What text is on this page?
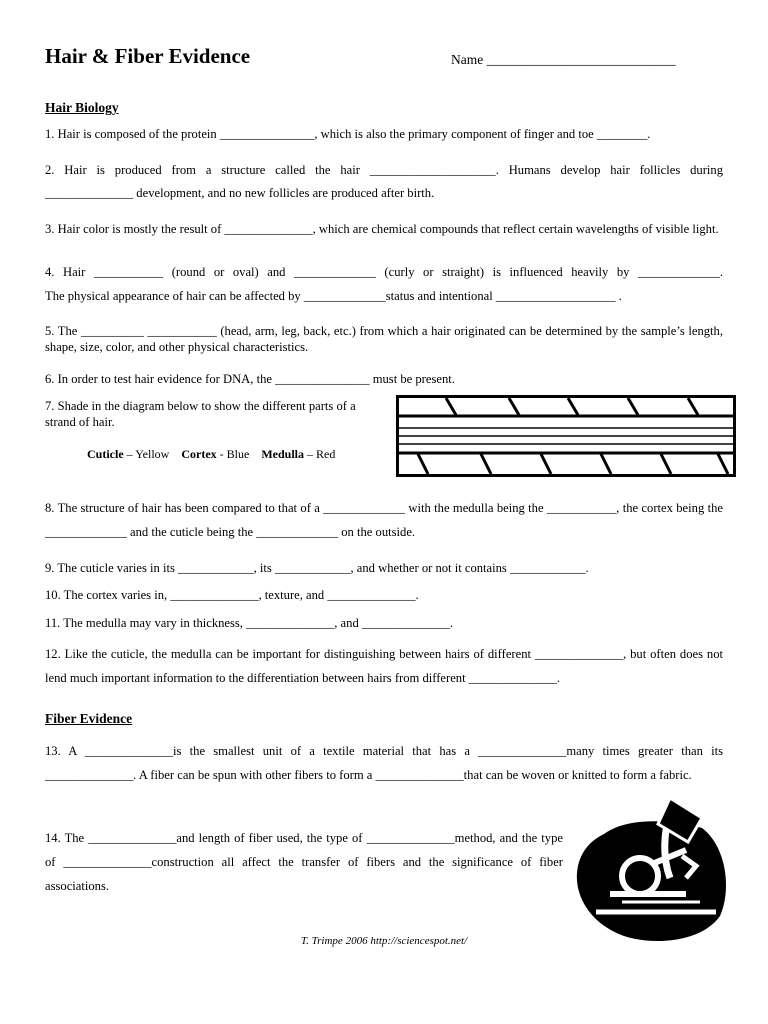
Hair & Fiber Evidence	Name ____________________________
Hair Biology
1. Hair is composed of the protein _______________, which is also the primary component of finger and toe ________.
2. Hair is produced from a structure called the hair ____________________. Humans develop hair follicles during
______________ development, and no new follicles are produced after birth.
3. Hair color is mostly the result of ______________, which are chemical compounds that reflect certain wavelengths of visible light.
4. Hair ___________ (round or oval) and _____________ (curly or straight) is influenced heavily by _____________.
The physical appearance of hair can be affected by _____________status and intentional ___________________ .
5. The __________ ___________ (head, arm, leg, back, etc.) from which a hair originated can be determined by the sample’s length, shape, size, color, and other physical characteristics.
6. In order to test hair evidence for DNA, the _______________ must be present.
7. Shade in the diagram below to show the different parts of a strand of hair.
Cuticle – Yellow Cortex - Blue Medulla – Red
8. The structure of hair has been compared to that of a _____________ with the medulla being the ___________, the cortex being the _____________ and the cuticle being the _____________ on the outside.
9. The cuticle varies in its ____________, its ____________, and whether or not it contains ____________.
10. The cortex varies in, ______________, texture, and ______________.
11. The medulla may vary in thickness, ______________, and ______________.
12. Like the cuticle, the medulla can be important for distinguishing between hairs of different ______________, but often does not lend much important information to the differentiation between hairs from different ______________.
Fiber Evidence
13. A ______________is the smallest unit of a textile material that has a ______________many times greater than its ______________. A fiber can be spun with other fibers to form a ______________that can be woven or knitted to form a fabric.
14. The ______________and length of fiber used, the type of ______________method, and the type of ______________construction all affect the transfer of fibers and the significance of fiber associations.
T. Trimpe 2006 http://sciencespot.net/
